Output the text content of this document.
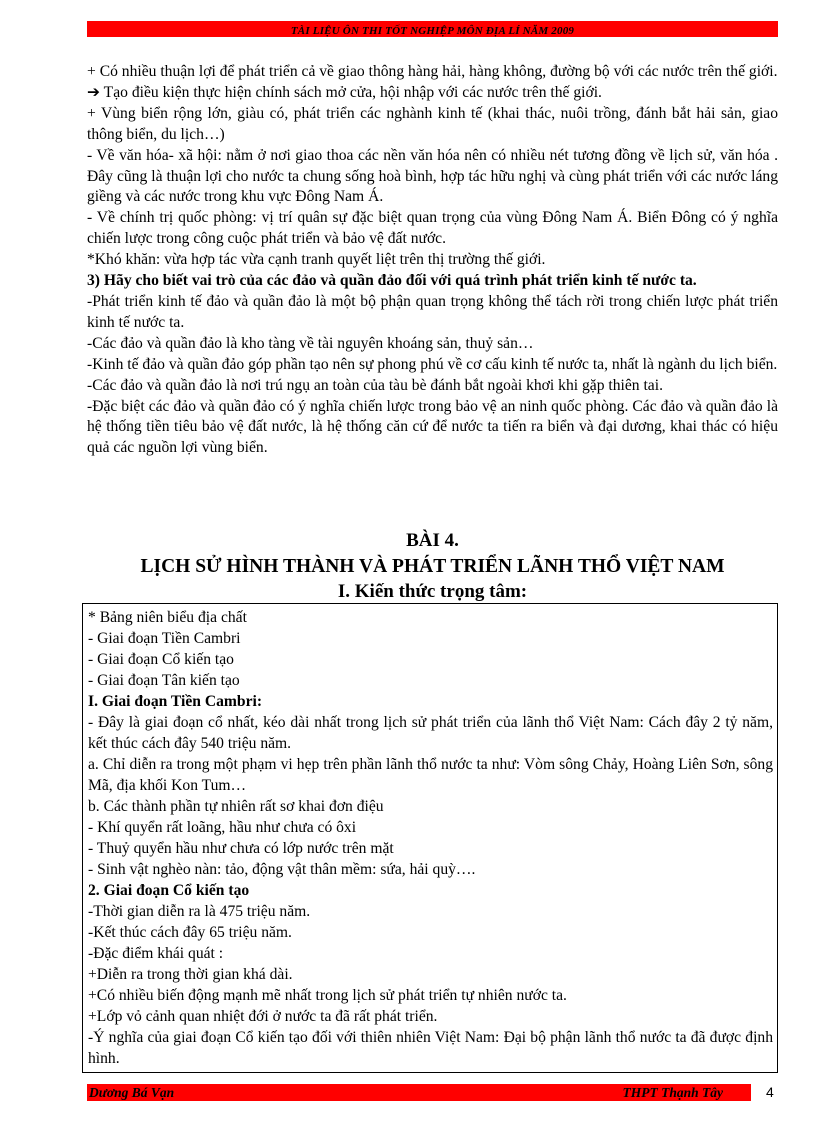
TÀI LIỆU ÔN THI TỐT NGHIỆP MÔN ĐỊA LÍ NĂM 2009

+ Có nhiều thuận lợi để phát triển cả về giao thông hàng hải, hàng không, đường bộ với các nước trên thế giới.

➔ Tạo điều kiện thực hiện chính sách mở cửa, hội nhập với các nước trên thế giới.

+ Vùng biển rộng lớn, giàu có, phát triển các nghành kinh tế (khai thác, nuôi trồng, đánh bắt hải sản, giao thông biển, du lịch…)

- Về văn hóa- xã hội: nằm ở nơi giao thoa các nền văn hóa nên có nhiều nét tương đồng về lịch sử, văn hóa . Đây cũng là thuận lợi cho nước ta chung sống hoà bình, hợp tác hữu nghị và cùng phát triển với các nước láng giềng và các nước trong khu vực Đông Nam Á.

- Về chính trị quốc phòng: vị trí quân sự đặc biệt quan trọng của vùng Đông Nam Á. Biển Đông có ý nghĩa chiến lược trong công cuộc phát triển và bảo vệ đất nước.

*Khó khăn: vừa hợp tác vừa cạnh tranh quyết liệt trên thị trường thế giới.

3) Hãy cho biết vai trò của các đảo và quần đảo đối với quá trình phát triển kinh tế nước ta.

-Phát triển kinh tế đảo và quần đảo là một bộ phận quan trọng không thể tách rời trong chiến lược phát triển kinh tế nước ta.

-Các đảo và quần đảo là kho tàng về tài nguyên khoáng sản, thuỷ sản…

-Kinh tế đảo và quần đảo góp phần tạo nên sự phong phú về cơ cấu kinh tế nước ta, nhất là ngành du lịch biển.

-Các đảo và quần đảo là nơi trú ngụ an toàn của tàu bè đánh bắt ngoài khơi khi gặp thiên tai.

-Đặc biệt các đảo và quần đảo có ý nghĩa chiến lược trong bảo vệ an ninh quốc phòng. Các đảo và quần đảo là hệ thống tiền tiêu bảo vệ đất nước, là hệ thống căn cứ để nước ta tiến ra biển và đại dương, khai thác có hiệu quả các nguồn lợi vùng biển.

BÀI 4.
LỊCH SỬ HÌNH THÀNH VÀ PHÁT TRIỂN LÃNH THỔ VIỆT NAM
I. Kiến thức trọng tâm:

* Bảng niên biểu địa chất

- Giai đoạn Tiền Cambri

- Giai đoạn Cổ kiến tạo

- Giai đoạn Tân kiến tạo

I. Giai đoạn Tiền Cambri:

- Đây là giai đoạn cổ nhất, kéo dài nhất trong lịch sử phát triển của lãnh thổ Việt Nam: Cách đây 2 tỷ năm, kết thúc cách đây 540 triệu năm.

a. Chỉ diễn ra trong một phạm vi hẹp trên phần lãnh thổ nước ta như: Vòm sông Chảy, Hoàng Liên Sơn, sông Mã, địa khối Kon Tum…

b. Các thành phần tự nhiên rất sơ khai đơn điệu

- Khí quyển rất loãng, hầu như chưa có ôxi

- Thuỷ quyển hầu như chưa có lớp nước trên mặt

- Sinh vật nghèo nàn: tảo, động vật thân mềm: sứa, hải quỳ….

2. Giai đoạn Cổ kiến tạo

-Thời gian diễn ra là 475 triệu năm.

-Kết thúc cách đây 65 triệu năm.

-Đặc điểm khái quát :

+Diễn ra trong thời gian khá dài.

+Có nhiều biến động mạnh mẽ nhất trong lịch sử phát triển tự nhiên nước ta.

+Lớp vỏ cảnh quan nhiệt đới ở nước ta đã rất phát triển.

-Ý nghĩa của giai đoạn Cổ kiến tạo đối với thiên nhiên Việt Nam: Đại bộ phận lãnh thổ nước ta đã được định hình.

Dương Bá Vạn	THPT Thạnh Tây	4
